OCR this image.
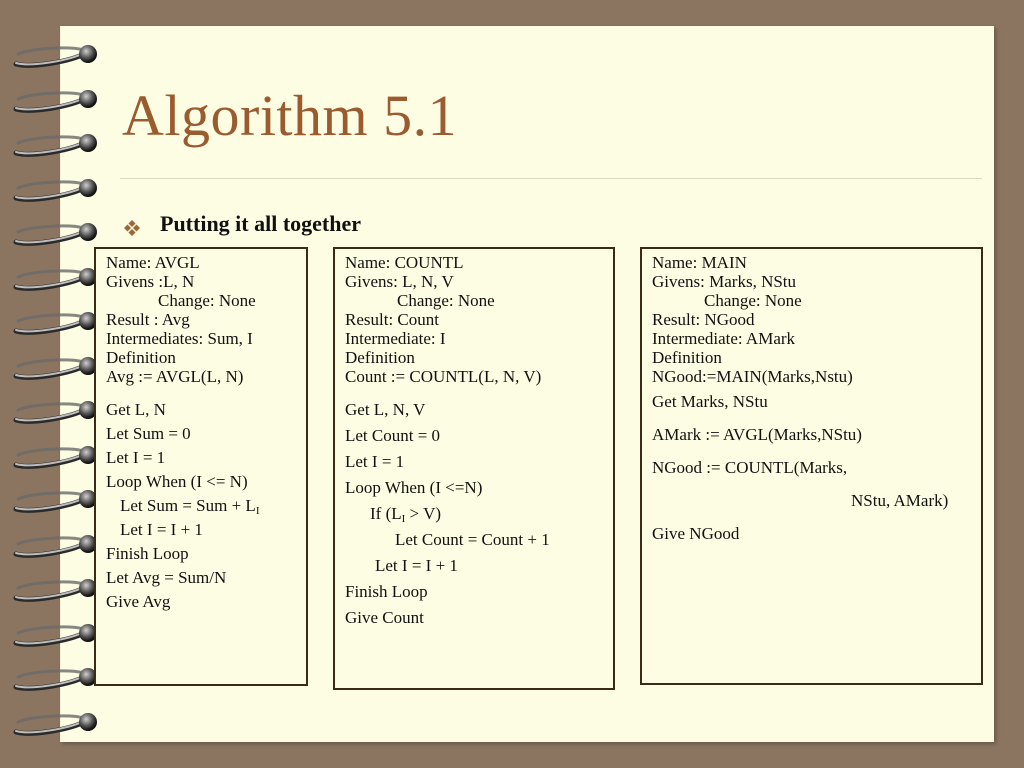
Algorithm 5.1
Putting it all together
Name: AVGL
Givens :L, N
Change: None
Result : Avg
Intermediates: Sum, I
Definition
Avg := AVGL(L, N)
Get L, N
Let Sum = 0
Let I = 1
Loop When (I <= N)
Let Sum = Sum + $L_I$
Let I = I + 1
Finish Loop
Let Avg = Sum/N
Give Avg
Name: COUNTL
Givens: L, N, V
Change: None
Result: Count
Intermediate: I
Definition
Count := COUNTL(L, N, V)
Get L, N, V
Let Count = 0
Let I = 1
Loop When (I <=N)
If $(L_I > V)$
Let Count = Count + 1
Let I = I + 1
Finish Loop
Give Count
Name: MAIN
Givens: Marks, NStu
Change: None
Result: NGood
Intermediate: AMark
Definition
NGood:=MAIN(Marks,Nstu)
Get Marks, NStu
AMark := AVGL(Marks,NStu)
NGood := COUNTL(Marks,
NStu, AMark)
Give NGood
